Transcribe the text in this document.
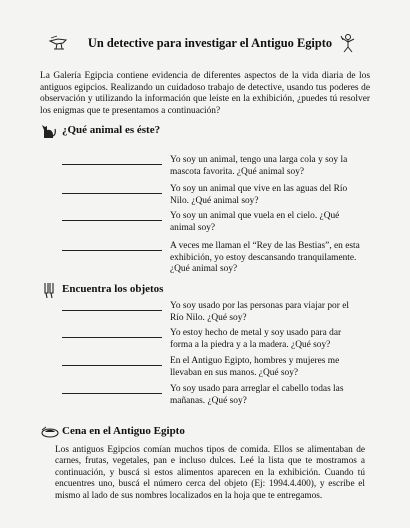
Un detective para investigar el Antiguo Egipto
La Galería Egipcia contiene evidencia de diferentes aspectos de la vida diaria de los antiguos egipcios. Realizando un cuidadoso trabajo de detective, usando tus poderes de observación y utilizando la información que leíste en la exhibición, ¿puedes tú resolver los enigmas que te presentamos a continuación?
¿Qué animal es éste?
Yo soy un animal, tengo una larga cola y soy la mascota favorita. ¿Qué animal soy?
Yo soy un animal que vive en las aguas del Río Nilo. ¿Qué animal soy?
Yo soy un animal que vuela en el cielo. ¿Qué animal soy?
A veces me llaman el “Rey de las Bestias”, en esta exhibición, yo estoy descansando tranquilamente. ¿Qué animal soy?
Encuentra los objetos
Yo soy usado por las personas para viajar por el Río Nilo. ¿Qué soy?
Yo estoy hecho de metal y soy usado para dar forma a la piedra y a la madera. ¿Qué soy?
En el Antiguo Egipto, hombres y mujeres me llevaban en sus manos. ¿Qué soy?
Yo soy usado para arreglar el cabello todas las mañanas. ¿Qué soy?
Cena en el Antiguo Egipto
Los antiguos Egipcios comían muchos tipos de comida. Ellos se alimentaban de carnes, frutas, vegetales, pan e incluso dulces. Leé la lista que te mostramos a continuación, y buscá si estos alimentos aparecen en la exhibición. Cuando tú encuentres uno, buscá el número cerca del objeto (Ej: 1994.4.400), y escribe el mismo al lado de sus nombres localizados en la hoja que te entregamos.
